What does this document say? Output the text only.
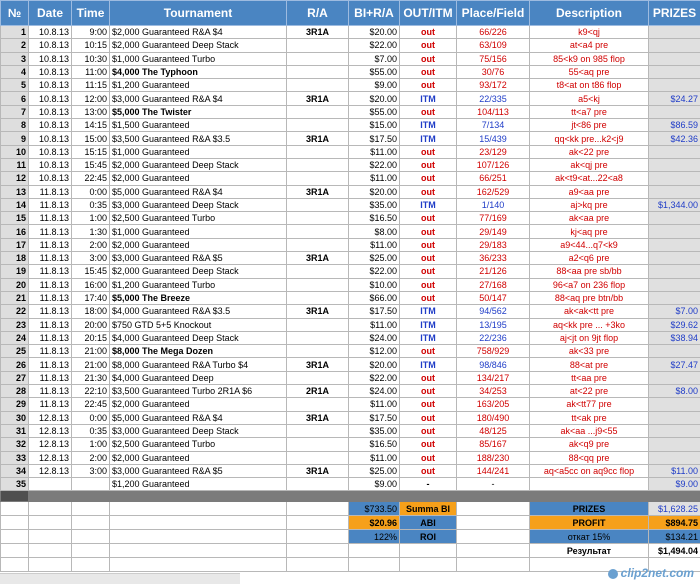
№	Date	Time	Tournament	R/A	BI+R/A	OUT/ITM	Place/Field	Description	PRIZES
1	10.8.13	9:00	$2,000 Guaranteed R&A $4	3R1A	$20.00	out	66/226	k9<qj	
2	10.8.13	10:15	$2,000 Guaranteed Deep Stack		$22.00	out	63/109	at<a4 pre	
3	10.8.13	10:30	$1,000 Guaranteed Turbo		$7.00	out	75/156	85<k9 on 985 flop	
4	10.8.13	11:00	$4,000 The Typhoon		$55.00	out	30/76	55<aq pre	
5	10.8.13	11:15	$1,200 Guaranteed		$9.00	out	93/172	t8<at on t86 flop	
6	10.8.13	12:00	$3,000 Guaranteed R&A $4	3R1A	$20.00	ITM	22/335	a5<kj	$24.27
7	10.8.13	13:00	$5,000 The Twister		$55.00	out	104/113	tt<a7 pre	
8	10.8.13	14:15	$1,500 Guaranteed		$15.00	ITM	7/134	jt<86 pre	$86.59
9	10.8.13	15:00	$3,500 Guaranteed R&A $3.5	3R1A	$17.50	ITM	15/439	qq<kk pre...k2<j9	$42.36
10	10.8.13	15:15	$1,000 Guaranteed		$11.00	out	23/129	ak<22 pre	
11	10.8.13	15:45	$2,000 Guaranteed Deep Stack		$22.00	out	107/126	ak<qj pre	
12	10.8.13	22:45	$2,000 Guaranteed		$11.00	out	66/251	ak<t9<at...22<a8	
13	11.8.13	0:00	$5,000 Guaranteed R&A $4	3R1A	$20.00	out	162/529	a9<aa pre	
14	11.8.13	0:35	$3,000 Guaranteed Deep Stack		$35.00	ITM	1/140	aj>kq pre	$1,344.00
15	11.8.13	1:00	$2,500 Guaranteed Turbo		$16.50	out	77/169	ak<aa pre	
16	11.8.13	1:30	$1,000 Guaranteed		$8.00	out	29/149	kj<aq pre	
17	11.8.13	2:00	$2,000 Guaranteed		$11.00	out	29/183	a9<44...q7<k9	
18	11.8.13	3:00	$3,000 Guaranteed R&A $5	3R1A	$25.00	out	36/233	a2<q6 pre	
19	11.8.13	15:45	$2,000 Guaranteed Deep Stack		$22.00	out	21/126	88<aa pre sb/bb	
20	11.8.13	16:00	$1,200 Guaranteed Turbo		$10.00	out	27/168	96<a7 on 236 flop	
21	11.8.13	17:40	$5,000 The Breeze		$66.00	out	50/147	88<aq pre btn/bb	
22	11.8.13	18:00	$4,000 Guaranteed R&A $3.5	3R1A	$17.50	ITM	94/562	ak<ak<tt pre	$7.00
23	11.8.13	20:00	$750 GTD 5+5 Knockout		$11.00	ITM	13/195	aq<kk pre ... +3ko	$29.62
24	11.8.13	20:15	$4,000 Guaranteed Deep Stack		$24.00	ITM	22/236	aj<jt on 9jt flop	$38.94
25	11.8.13	21:00	$8,000 The Mega Dozen		$12.00	out	758/929	ak<33 pre	
26	11.8.13	21:00	$8,000 Guaranteed R&A Turbo $4	3R1A	$20.00	ITM	98/846	88<at pre	$27.47
27	11.8.13	21:30	$4,000 Guaranteed Deep		$22.00	out	134/217	tt<aa pre	
28	11.8.13	22:10	$3,500 Guaranteed Turbo 2R1A $6	2R1A	$24.00	out	34/253	at<22 pre	$8.00
29	11.8.13	22:45	$2,000 Guaranteed		$11.00	out	163/205	ak<tt77 pre	
30	12.8.13	0:00	$5,000 Guaranteed R&A $4	3R1A	$17.50	out	180/490	tt<ak pre	
31	12.8.13	0:35	$3,000 Guaranteed Deep Stack		$35.00	out	48/125	ak<aa ...j9<55	
32	12.8.13	1:00	$2,500 Guaranteed Turbo		$16.50	out	85/167	ak<q9 pre	
33	12.8.13	2:00	$2,000 Guaranteed		$11.00	out	188/230	88<qq pre	
34	12.8.13	3:00	$3,000 Guaranteed R&A $5	3R1A	$25.00	out	144/241	aq<a5cc on aq9cc flop	$11.00
35			$1,200 Guaranteed		$9.00	-	-		$9.00

					$733.50	Summa BI		PRIZES	$1,628.25
					$20.96	ABI		PROFIT	$894.75
					122%	ROI		откат 15%	$134.21
								Результат	$1,494.04

clip2net.com
